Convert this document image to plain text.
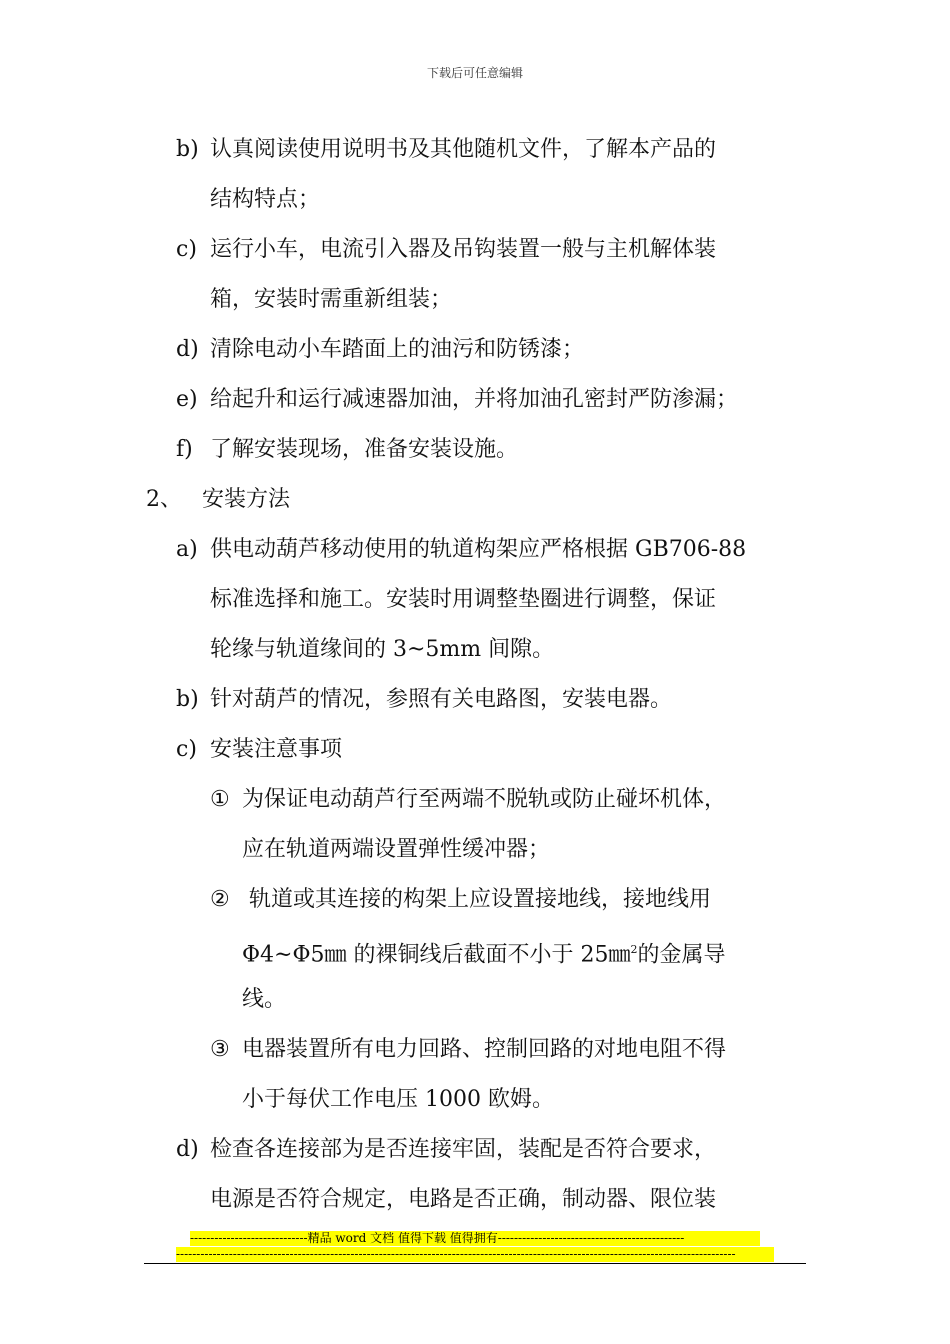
下载后可任意编辑
b) 认真阅读使用说明书及其他随机文件，了解本产品的
结构特点；
c) 运行小车，电流引入器及吊钩装置一般与主机解体装
箱，安装时需重新组装；
d) 清除电动小车踏面上的油污和防锈漆；
e) 给起升和运行减速器加油，并将加油孔密封严防渗漏；
f) 了解安装现场，准备安装设施。
2、 安装方法
a) 供电动葫芦移动使用的轨道构架应严格根据 GB706-88
标准选择和施工。安装时用调整垫圈进行调整，保证
轮缘与轨道缘间的 3~5mm 间隙。
b) 针对葫芦的情况，参照有关电路图，安装电器。
c) 安装注意事项
① 为保证电动葫芦行至两端不脱轨或防止碰坏机体，
应在轨道两端设置弹性缓冲器；
② 轨道或其连接的构架上应设置接地线，接地线用
Φ4~Φ5㎜ 的裸铜线后截面不小于 25㎜$^2$的金属导
线。
③ 电器装置所有电力回路、控制回路的对地电阻不得
小于每伏工作电压 1000 欧姆。
d) 检查各连接部为是否连接牢固，装配是否符合要求，
电源是否符合规定，电路是否正确，制动器、限位装
-----------------------------精品 word 文档 值得下载 值得拥有----------------------------------------------
------------------------------------------------------------------------------------------------------------------------------------------
